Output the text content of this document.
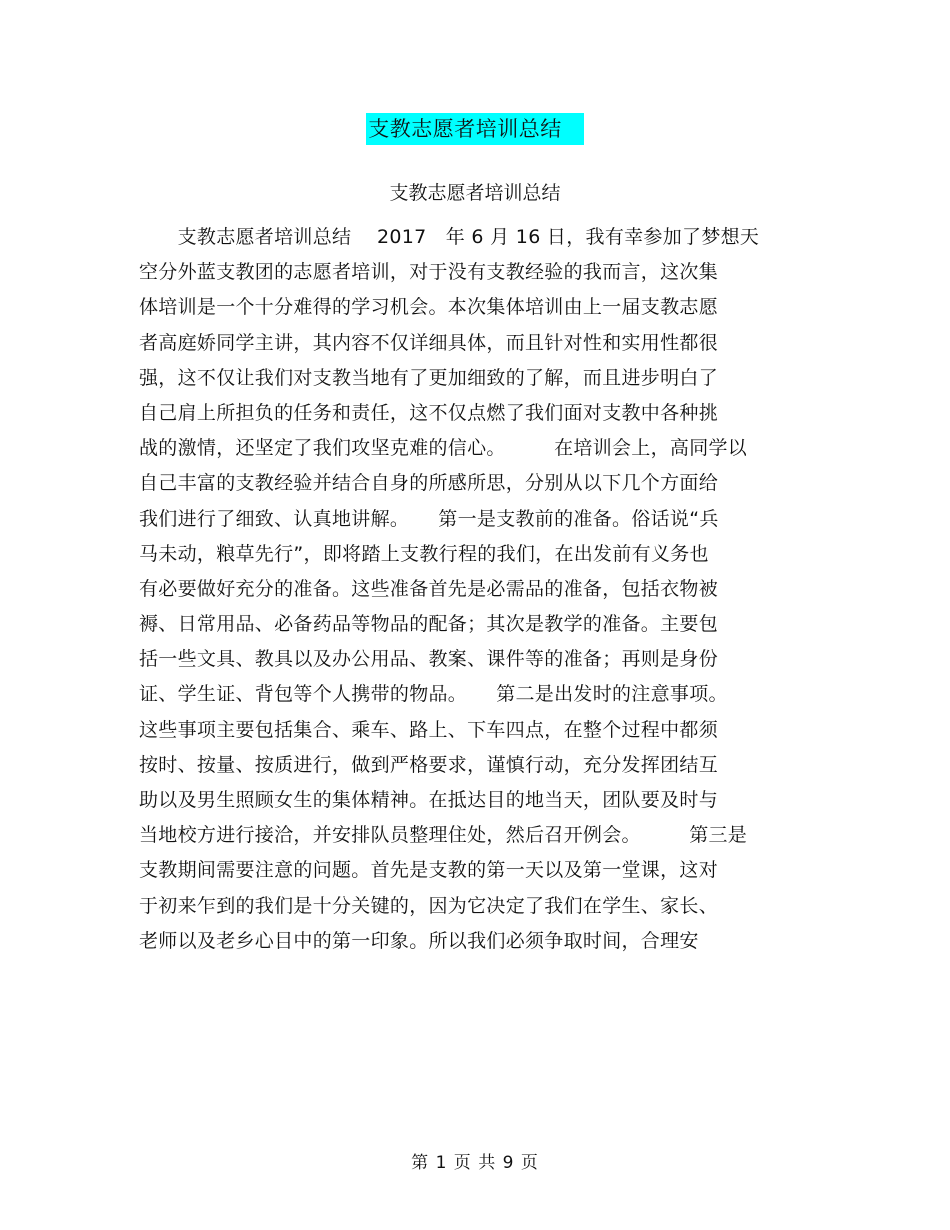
支教志愿者培训总结
支教志愿者培训总结
　　支教志愿者培训总结　 2017　年 6 月 16 日，我有幸参加了梦想天
空分外蓝支教团的志愿者培训，对于没有支教经验的我而言，这次集
体培训是一个十分难得的学习机会。本次集体培训由上一届支教志愿
者高庭娇同学主讲，其内容不仅详细具体，而且针对性和实用性都很
强，这不仅让我们对支教当地有了更加细致的了解，而且进步明白了
自己肩上所担负的任务和责任，这不仅点燃了我们面对支教中各种挑
战的激情，还坚定了我们攻坚克难的信心。　　　在培训会上，高同学以
自己丰富的支教经验并结合自身的所感所思，分别从以下几个方面给
我们进行了细致、认真地讲解。　　第一是支教前的准备。俗话说“兵
马未动，粮草先行”，即将踏上支教行程的我们，在出发前有义务也
有必要做好充分的准备。这些准备首先是必需品的准备，包括衣物被
褥、日常用品、必备药品等物品的配备；其次是教学的准备。主要包
括一些文具、教具以及办公用品、教案、课件等的准备；再则是身份
证、学生证、背包等个人携带的物品。　　第二是出发时的注意事项。
这些事项主要包括集合、乘车、路上、下车四点，在整个过程中都须
按时、按量、按质进行，做到严格要求，谨慎行动，充分发挥团结互
助以及男生照顾女生的集体精神。在抵达目的地当天，团队要及时与
当地校方进行接洽，并安排队员整理住处，然后召开例会。　　　第三是
支教期间需要注意的问题。首先是支教的第一天以及第一堂课，这对
于初来乍到的我们是十分关键的，因为它决定了我们在学生、家长、
老师以及老乡心目中的第一印象。所以我们必须争取时间，合理安
第 1 页 共 9 页
